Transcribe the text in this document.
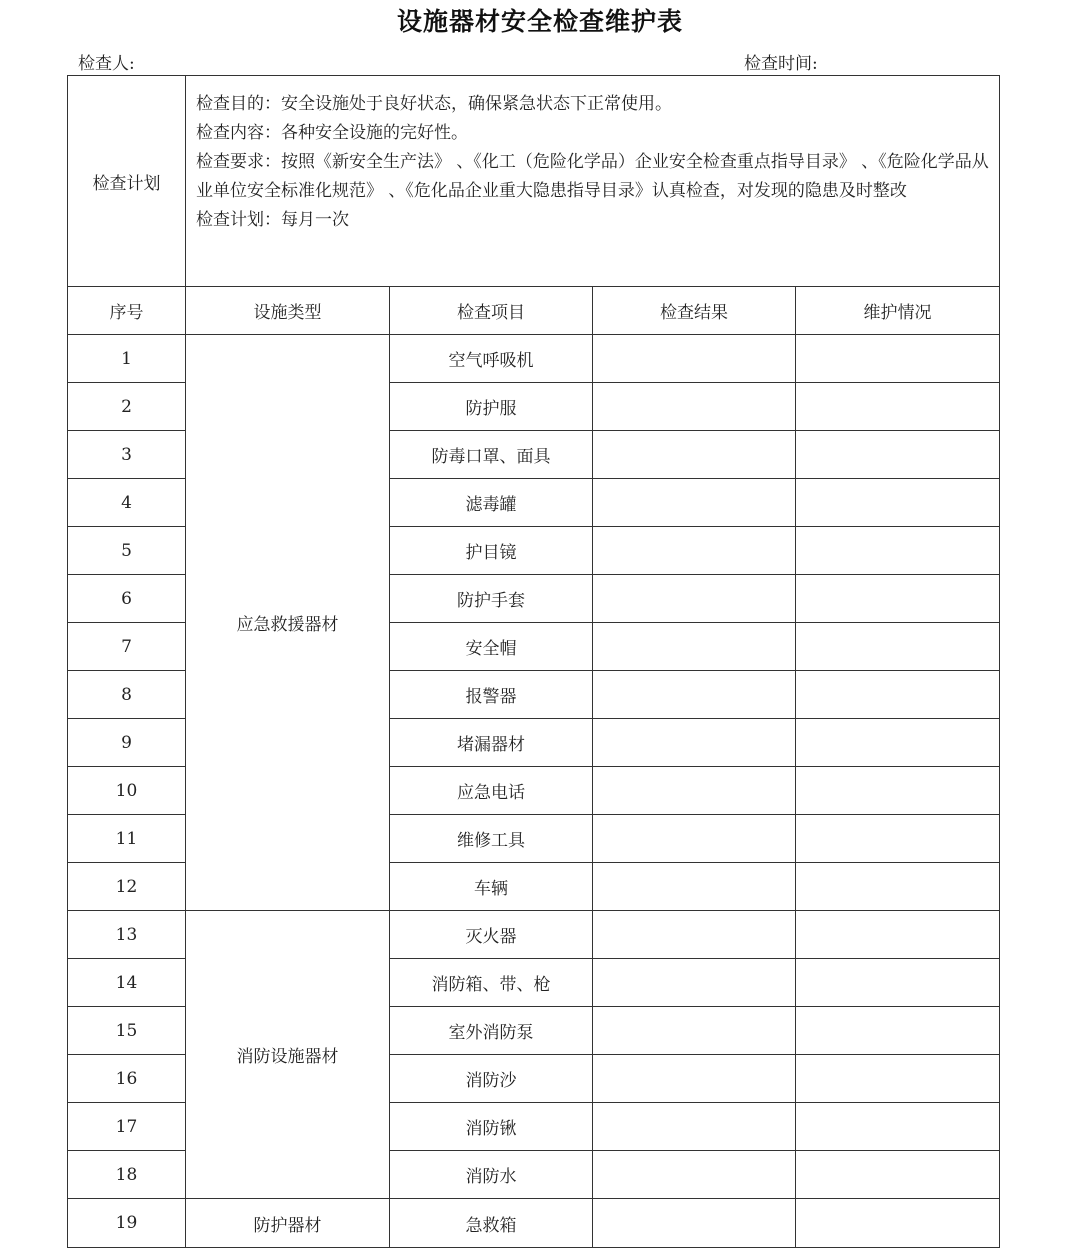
设施器材安全检查维护表
检查人:	检查时间:
检查计划	检查目的：安全设施处于良好状态，确保紧急状态下正常使用。

检查内容：各种安全设施的完好性。

检查要求：按照《新安全生产法》 、《化工（危险化学品）企业安全检查重点指导目录》 、《危险化学品从业单位安全标准化规范》 、《危化品企业重大隐患指导目录》认真检查，对发现的隐患及时整改

检查计划：每月一次			

序号	设施类型	检查项目	检查结果	维护情况
1	应急救援器材	空气呼吸机		
2		防护服		
3		防毒口罩、面具		
4		滤毒罐		
5		护目镜		
6		防护手套		
7		安全帽		
8		报警器		
9		堵漏器材		
10		应急电话		
11		维修工具		
12		车辆		
13	消防设施器材	灭火器		
14		消防箱、带、枪		
15		室外消防泵		
16		消防沙		
17		消防锹		
18		消防水		
19	防护器材	急救箱		
